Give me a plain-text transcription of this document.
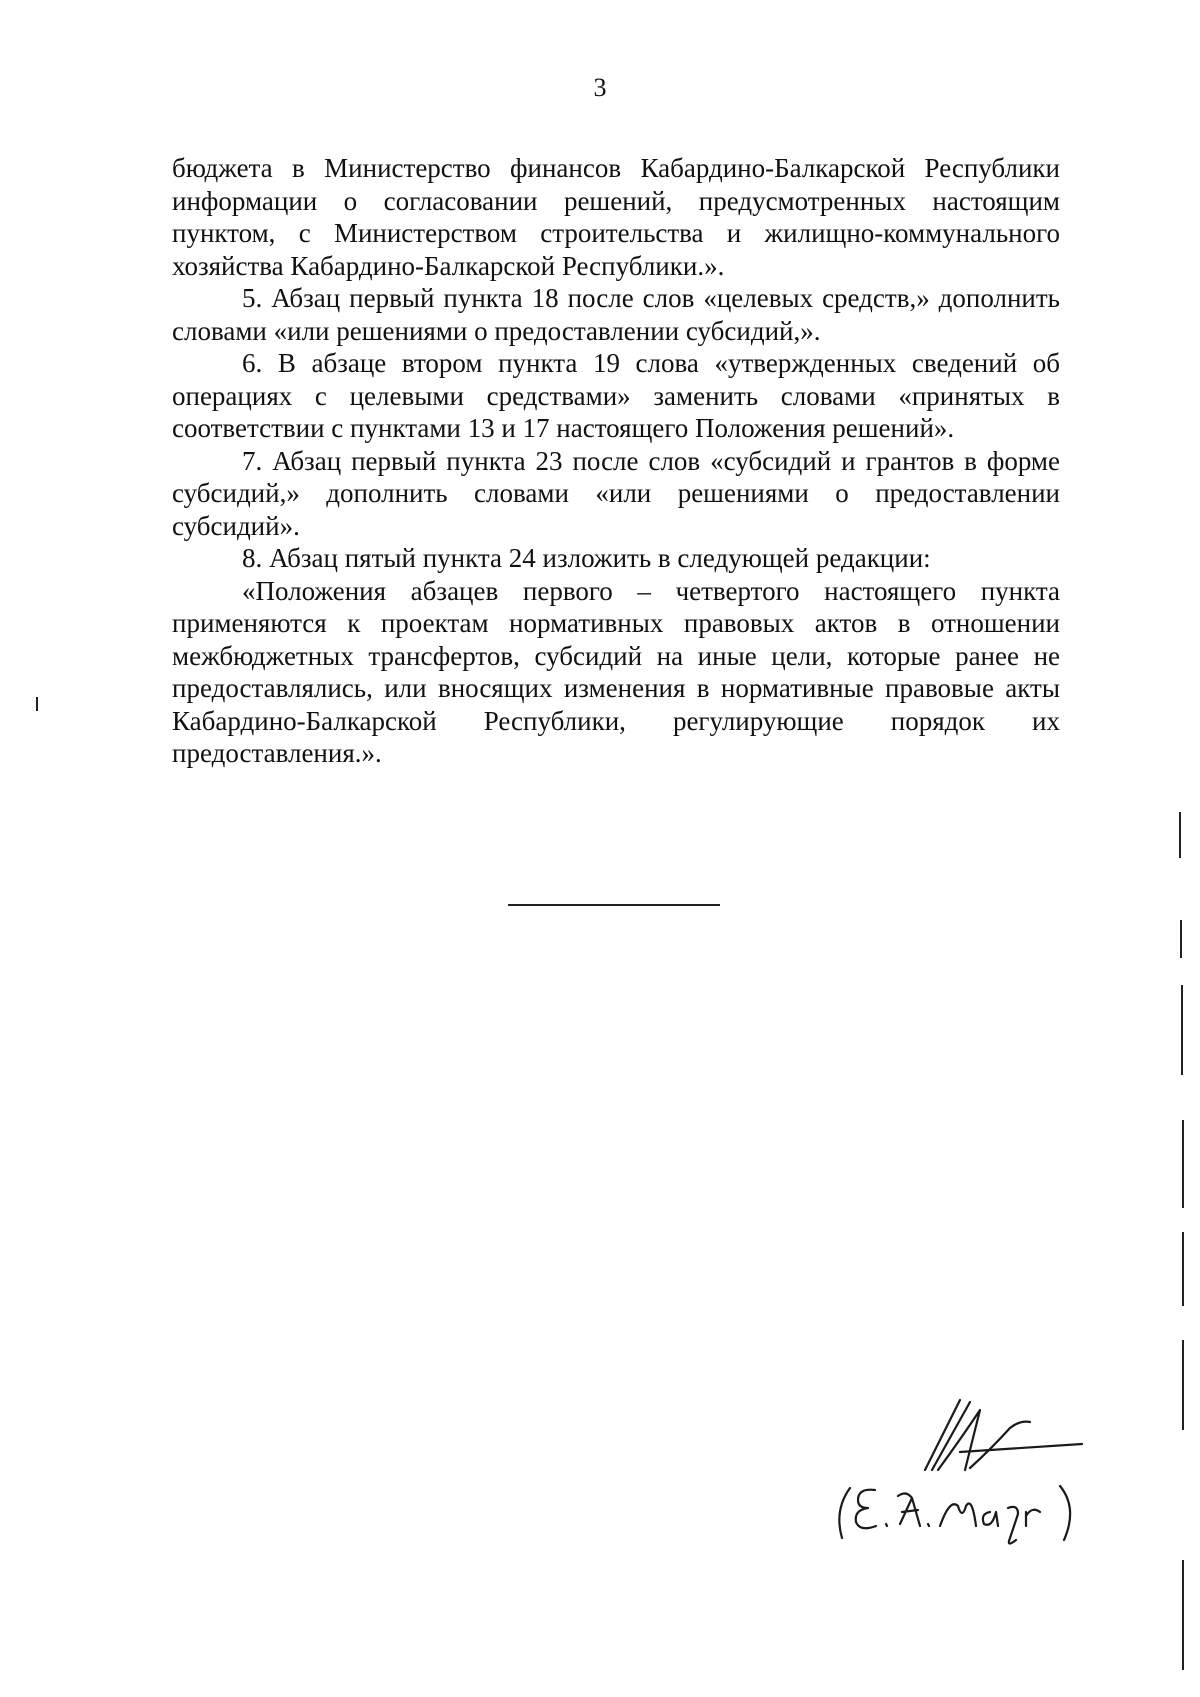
3

бюджета в Министерство финансов Кабардино-Балкарской Республики информации о согласовании решений, предусмотренных настоящим пунктом, с Министерством строительства и жилищно-коммунального хозяйства Кабардино-Балкарской Республики.».

5. Абзац первый пункта 18 после слов «целевых средств,» дополнить словами «или решениями о предоставлении субсидий,».

6. В абзаце втором пункта 19 слова «утвержденных сведений об операциях с целевыми средствами» заменить словами «принятых в соответствии с пунктами 13 и 17 настоящего Положения решений».

7. Абзац первый пункта 23 после слов «субсидий и грантов в форме субсидий,» дополнить словами «или решениями о предоставлении субсидий».

8. Абзац пятый пункта 24 изложить в следующей редакции:

«Положения абзацев первого – четвертого настоящего пункта применяются к проектам нормативных правовых актов в отношении межбюджетных трансфертов, субсидий на иные цели, которые ранее не предоставлялись, или вносящих изменения в нормативные правовые акты Кабардино-Балкарской Республики, регулирующие порядок их предоставления.».
